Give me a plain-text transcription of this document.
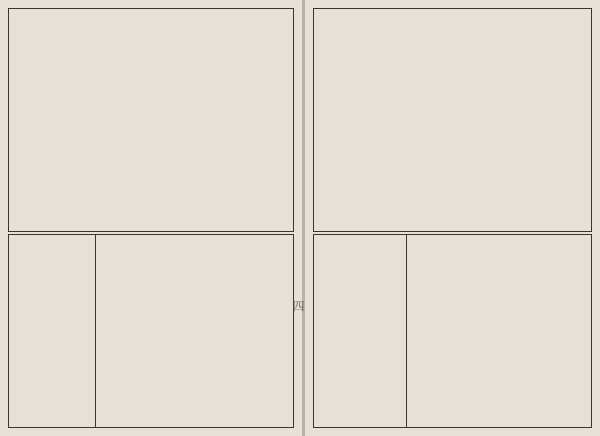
四
